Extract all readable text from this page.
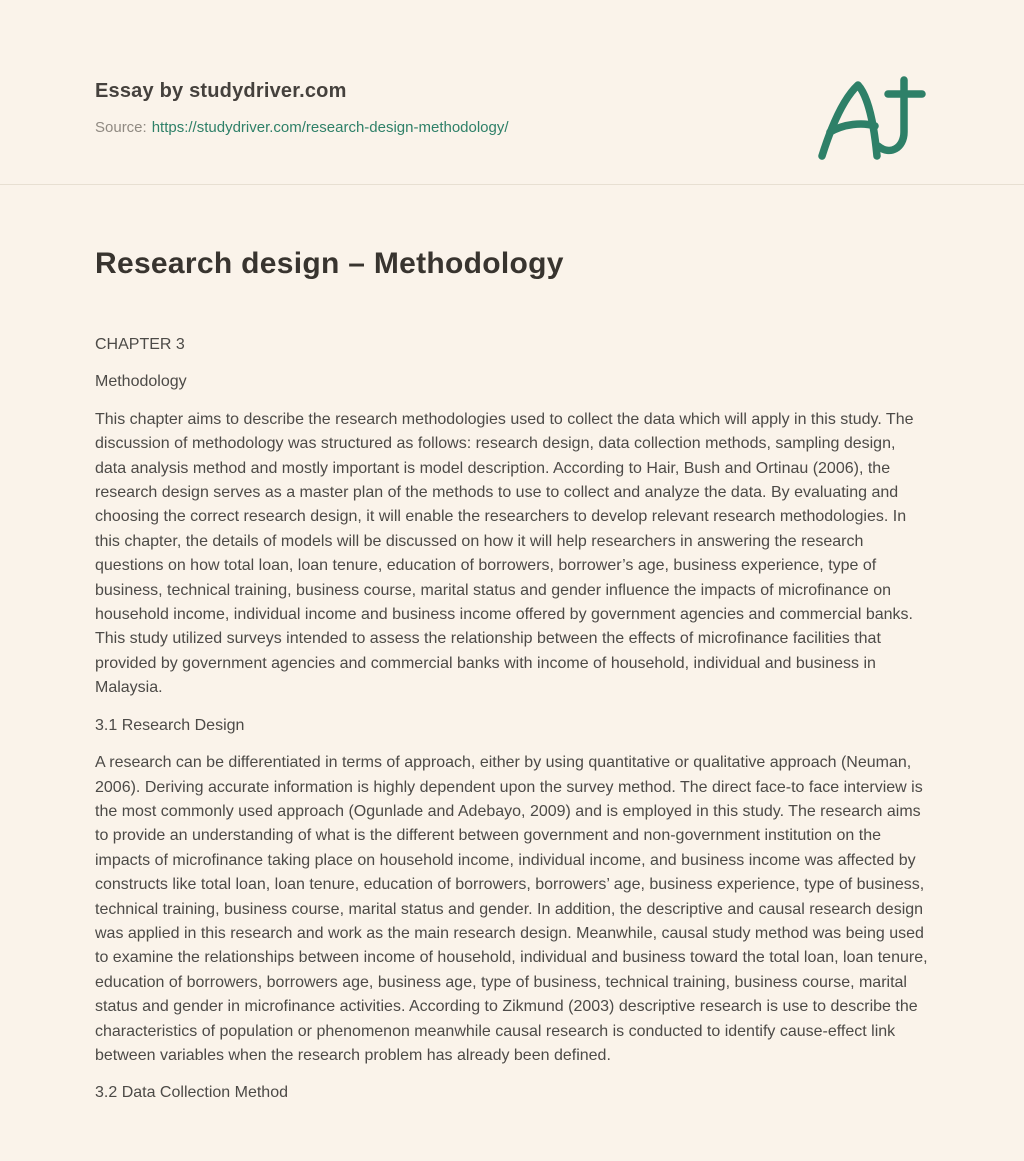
Essay by studydriver.com
Source: https://studydriver.com/research-design-methodology/
Research design – Methodology

CHAPTER 3

Methodology

This chapter aims to describe the research methodologies used to collect the data which will apply in this study. The discussion of methodology was structured as follows: research design, data collection methods, sampling design, data analysis method and mostly important is model description. According to Hair, Bush and Ortinau (2006), the research design serves as a master plan of the methods to use to collect and analyze the data. By evaluating and choosing the correct research design, it will enable the researchers to develop relevant research methodologies. In this chapter, the details of models will be discussed on how it will help researchers in answering the research questions on how total loan, loan tenure, education of borrowers, borrower’s age, business experience, type of business, technical training, business course, marital status and gender influence the impacts of microfinance on household income, individual income and business income offered by government agencies and commercial banks. This study utilized surveys intended to assess the relationship between the effects of microfinance facilities that provided by government agencies and commercial banks with income of household, individual and business in Malaysia.

3.1 Research Design

A research can be differentiated in terms of approach, either by using quantitative or qualitative approach (Neuman, 2006). Deriving accurate information is highly dependent upon the survey method. The direct face-to face interview is the most commonly used approach (Ogunlade and Adebayo, 2009) and is employed in this study. The research aims to provide an understanding of what is the different between government and non-government institution on the impacts of microfinance taking place on household income, individual income, and business income was affected by constructs like total loan, loan tenure, education of borrowers, borrowers’ age, business experience, type of business, technical training, business course, marital status and gender. In addition, the descriptive and causal research design was applied in this research and work as the main research design. Meanwhile, causal study method was being used to examine the relationships between income of household, individual and business toward the total loan, loan tenure, education of borrowers, borrowers age, business age, type of business, technical training, business course, marital status and gender in microfinance activities. According to Zikmund (2003) descriptive research is use to describe the characteristics of population or phenomenon meanwhile causal research is conducted to identify cause-effect link between variables when the research problem has already been defined.

3.2 Data Collection Method
